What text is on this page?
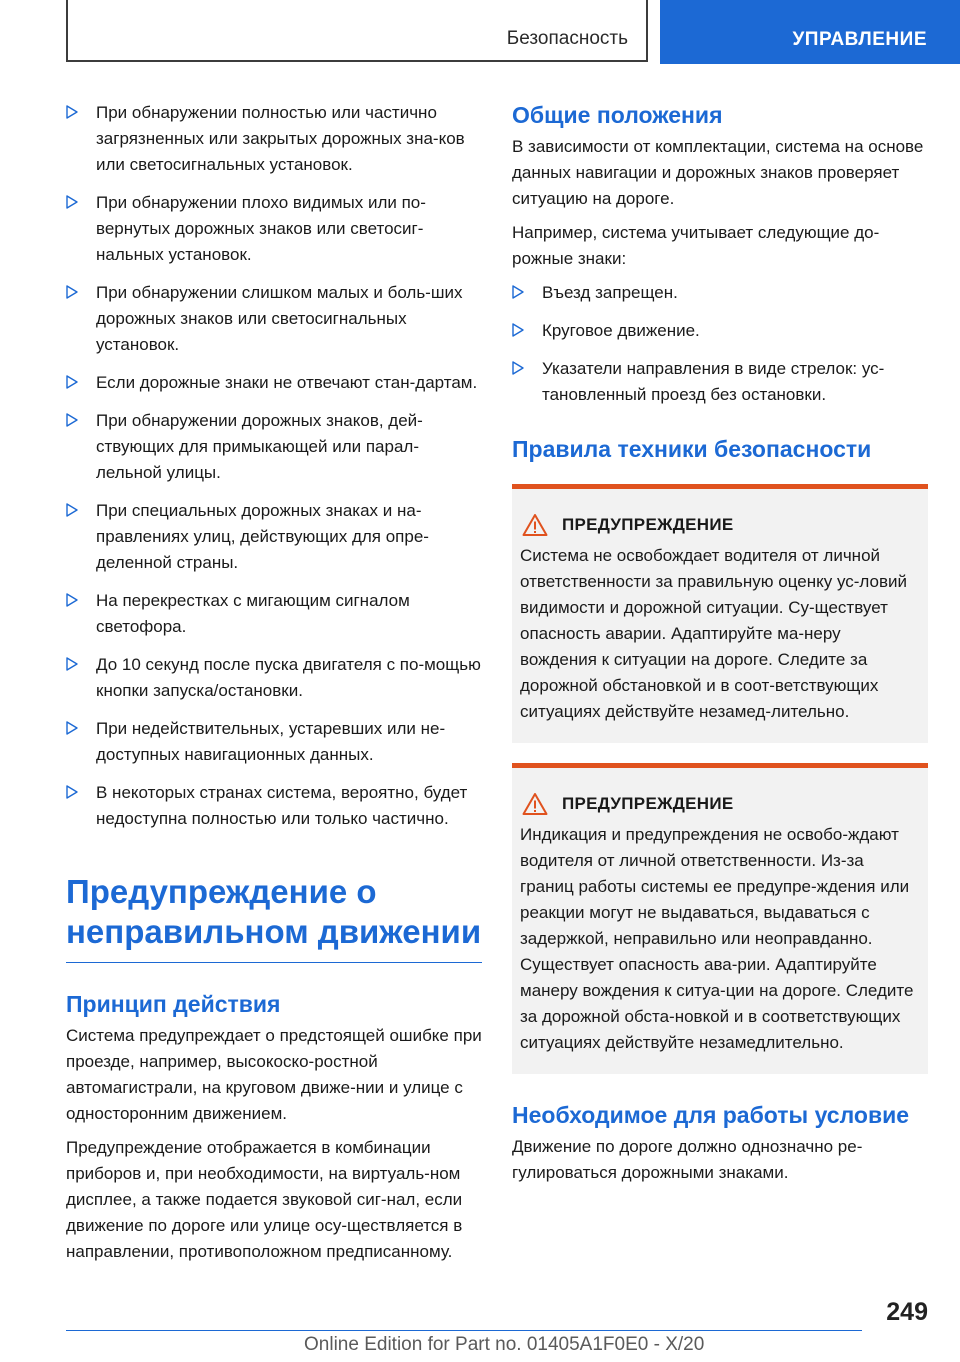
Безопасность	УПРАВЛЕНИЕ
При обнаружении полностью или частично загрязненных или закрытых дорожных зна-ков или светосигнальных установок.
При обнаружении плохо видимых или по-вернутых дорожных знаков или светосиг-нальных установок.
При обнаружении слишком малых и боль-ших дорожных знаков или светосигнальных установок.
Если дорожные знаки не отвечают стан-дартам.
При обнаружении дорожных знаков, дей-ствующих для примыкающей или парал-лельной улицы.
При специальных дорожных знаках и на-правлениях улиц, действующих для опре-деленной страны.
На перекрестках с мигающим сигналом светофора.
До 10 секунд после пуска двигателя с по-мощью кнопки запуска/остановки.
При недействительных, устаревших или не-доступных навигационных данных.
В некоторых странах система, вероятно, будет недоступна полностью или только частично.
Предупреждение о неправильном движении
Принцип действия

Система предупреждает о предстоящей ошибке при проезде, например, высокоско-ростной автомагистрали, на круговом движе-нии и улице с односторонним движением.

Предупреждение отображается в комбинации приборов и, при необходимости, на виртуаль-ном дисплее, а также подается звуковой сиг-нал, если движение по дороге или улице осу-ществляется в направлении, противоположном предписанному.

Общие положения

В зависимости от комплектации, система на основе данных навигации и дорожных знаков проверяет ситуацию на дороге.

Например, система учитывает следующие до-рожные знаки:

Въезд запрещен.
Круговое движение.
Указатели направления в виде стрелок: ус-тановленный проезд без остановки.
Правила техники безопасности
ПРЕДУПРЕЖДЕНИЕ

Система не освобождает водителя от личной ответственности за правильную оценку ус-ловий видимости и дорожной ситуации. Су-ществует опасность аварии. Адаптируйте ма-неру вождения к ситуации на дороге. Следите за дорожной обстановкой и в соот-ветствующих ситуациях действуйте незамед-лительно.

ПРЕДУПРЕЖДЕНИЕ

Индикация и предупреждения не освобо-ждают водителя от личной ответственности. Из-за границ работы системы ее предупре-ждения или реакции могут не выдаваться, выдаваться с задержкой, неправильно или неоправданно. Существует опасность ава-рии. Адаптируйте манеру вождения к ситуа-ции на дороге. Следите за дорожной обста-новкой и в соответствующих ситуациях действуйте незамедлительно.

Необходимое для работы условие

Движение по дороге должно однозначно ре-гулироваться дорожными знаками.

249
Online Edition for Part no. 01405A1F0E0 - X/20
